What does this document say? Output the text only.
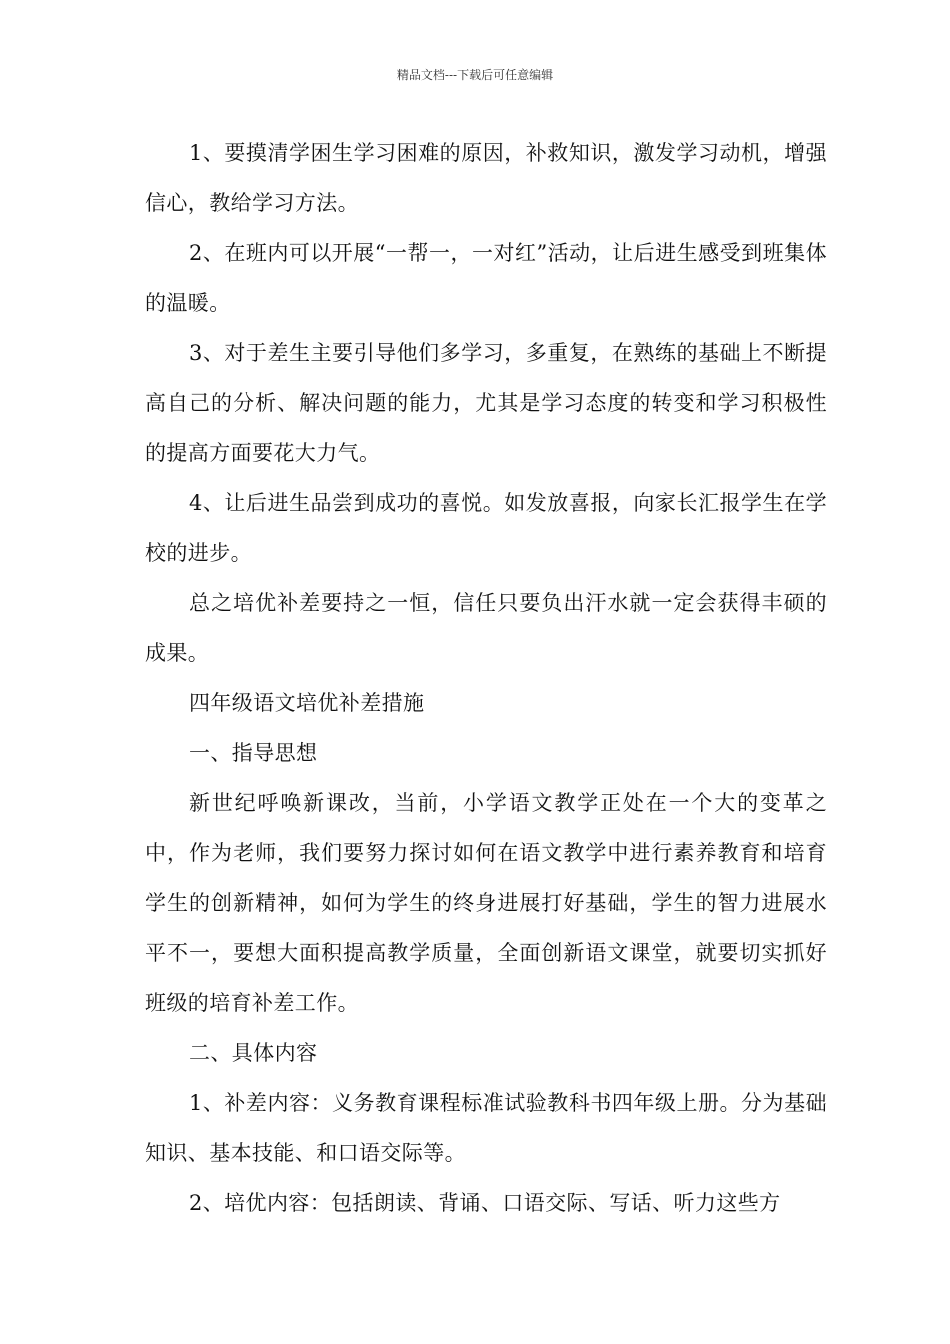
精品文档---下载后可任意编辑

1、要摸清学困生学习困难的原因，补救知识，激发学习动机，增强信心，教给学习方法。

2、在班内可以开展“一帮一，一对红”活动，让后进生感受到班集体的温暖。

3、对于差生主要引导他们多学习，多重复，在熟练的基础上不断提高自己的分析、解决问题的能力，尤其是学习态度的转变和学习积极性的提高方面要花大力气。

4、让后进生品尝到成功的喜悦。如发放喜报，向家长汇报学生在学校的进步。

总之培优补差要持之一恒，信任只要负出汗水就一定会获得丰硕的成果。

四年级语文培优补差措施

一、指导思想

新世纪呼唤新课改，当前，小学语文教学正处在一个大的变革之中，作为老师，我们要努力探讨如何在语文教学中进行素养教育和培育学生的创新精神，如何为学生的终身进展打好基础，学生的智力进展水平不一，要想大面积提高教学质量，全面创新语文课堂，就要切实抓好班级的培育补差工作。

二、具体内容

1、补差内容：义务教育课程标准试验教科书四年级上册。分为基础知识、基本技能、和口语交际等。

2、培优内容：包括朗读、背诵、口语交际、写话、听力这些方
